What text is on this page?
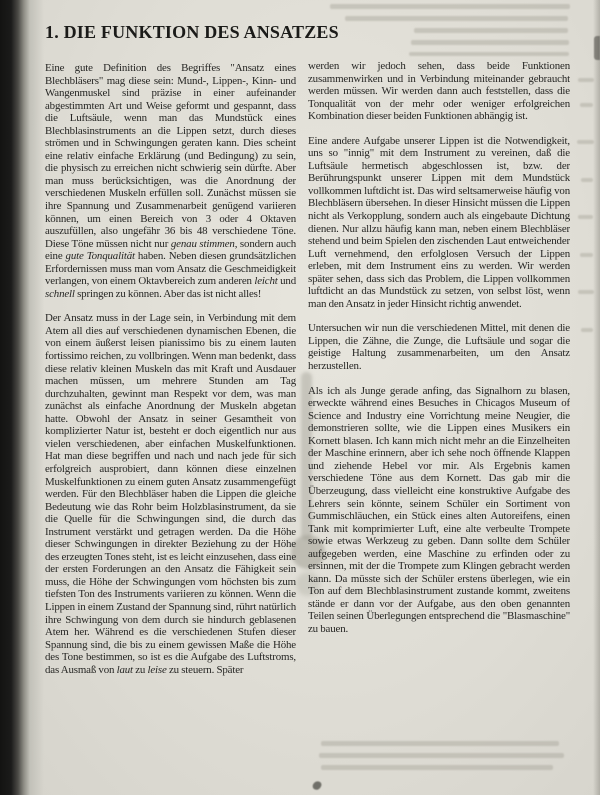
1. DIE FUNKTION DES ANSATZES

Eine gute Definition des Begriffes "Ansatz eines Blechbläsers" mag diese sein: Mund-, Lippen-, Kinn- und Wangenmuskel sind präzise in einer aufeinander abgestimmten Art und Weise geformt und gespannt, dass die Luftsäule, wenn man das Mundstück eines Blechblasinstruments an die Lippen setzt, durch dieses strömen und in Schwingungen geraten kann. Dies scheint eine relativ einfache Erklärung (und Bedingung) zu sein, die physisch zu erreichen nicht schwierig sein dürfte. Aber man muss berücksichtigen, was die Anordnung der verschiedenen Muskeln erfüllen soll. Zunächst müssen sie ihre Spannung und Zusammenarbeit genügend variieren können, um einen Bereich von 3 oder 4 Oktaven auszufüllen, also ungefähr 36 bis 48 verschiedene Töne. Diese Töne müssen nicht nur genau stimmen, sondern auch eine gute Tonqualität haben. Neben diesen grundsätzlichen Erfordernissen muss man vom Ansatz die Geschmeidigkeit verlangen, von einem Oktavbereich zum anderen leicht und schnell springen zu können. Aber das ist nicht alles!

Der Ansatz muss in der Lage sein, in Verbindung mit dem Atem all dies auf verschiedenen dynamischen Ebenen, die von einem äußerst leisen pianissimo bis zu einem lauten fortissimo reichen, zu vollbringen. Wenn man bedenkt, dass diese relativ kleinen Muskeln das mit Kraft und Ausdauer machen müssen, um mehrere Stunden am Tag durchzuhalten, gewinnt man Respekt vor dem, was man zunächst als einfache Anordnung der Muskeln abgetan hatte. Obwohl der Ansatz in seiner Gesamtheit von komplizierter Natur ist, besteht er doch eigentlich nur aus vielen verschiedenen, aber einfachen Muskelfunktionen. Hat man diese begriffen und nach und nach jede für sich erfolgreich ausprobiert, dann können diese einzelnen Muskelfunktionen zu einem guten Ansatz zusammengefügt werden. Für den Blechbläser haben die Lippen die gleiche Bedeutung wie das Rohr beim Holzblasinstrument, da sie die Quelle für die Schwingungen sind, die durch das Instrument verstärkt und getragen werden. Da die Höhe dieser Schwingungen in direkter Beziehung zu der Höhe des erzeugten Tones steht, ist es leicht einzusehen, dass eine der ersten Forderungen an den Ansatz die Fähigkeit sein muss, die Höhe der Schwingungen vom höchsten bis zum tiefsten Ton des Instruments variieren zu können. Wenn die Lippen in einem Zustand der Spannung sind, rührt natürlich ihre Schwingung von dem durch sie hindurch geblasenen Atem her. Während es die verschiedenen Stufen dieser Spannung sind, die bis zu einem gewissen Maße die Höhe des Tone bestimmen, so ist es die Aufgabe des Luftstroms, das Ausmaß von laut zu leise zu steuern. Später

werden wir jedoch sehen, dass beide Funktionen zusammenwirken und in Verbindung miteinander gebraucht werden müssen. Wir werden dann auch feststellen, dass die Tonqualität von der mehr oder weniger erfolgreichen Kombination dieser beiden Funktionen abhängig ist.

Eine andere Aufgabe unserer Lippen ist die Notwendigkeit, uns so "innig" mit dem Instrument zu vereinen, daß die Luftsäule hermetisch abgeschlossen ist, bzw. der Berührungspunkt unserer Lippen mit dem Mundstück vollkommen luftdicht ist. Das wird seltsamerweise häufig von Blechbläsern übersehen. In dieser Hinsicht müssen die Lippen nicht als Verkopplung, sondern auch als eingebaute Dichtung dienen. Nur allzu häufig kann man, neben einem Blechbläser stehend und beim Spielen den zischenden Laut entweichender Luft vernehmend, den erfolglosen Versuch der Lippen erleben, mit dem Instrument eins zu werden. Wir werden später sehen, dass sich das Problem, die Lippen vollkommen luftdicht an das Mundstück zu setzen, von selbst löst, wenn man den Ansatz in jeder Hinsicht richtig anwendet.

Untersuchen wir nun die verschiedenen Mittel, mit denen die Lippen, die Zähne, die Zunge, die Luftsäule und sogar die geistige Haltung zusammenarbeiten, um den Ansatz herzustellen.

Als ich als Junge gerade anfing, das Signalhorn zu blasen, erweckte während eines Besuches in Chicagos Museum of Science and Industry eine Vorrichtung meine Neugier, die demonstrieren sollte, wie die Lippen eines Musikers ein Kornett blasen. Ich kann mich nicht mehr an die Einzelheiten der Maschine erinnern, aber ich sehe noch öffnende Klappen und ziehende Hebel vor mir. Als Ergebnis kamen verschiedene Töne aus dem Kornett. Das gab mir die Überzeugung, dass vielleicht eine konstruktive Aufgabe des Lehrers sein könnte, seinem Schüler ein Sortiment von Gummischläuchen, ein Stück eines alten Autoreifens, einen Tank mit komprimierter Luft, eine alte verbeulte Trompete sowie etwas Werkzeug zu geben. Dann sollte dem Schüler aufgegeben werden, eine Maschine zu erfinden oder zu ersinnen, mit der die Trompete zum Klingen gebracht werden kann. Da müsste sich der Schüler erstens überlegen, wie ein Ton auf dem Blechblasinstrument zustande kommt, zweitens stände er dann vor der Aufgabe, aus den oben genannten Teilen seinen Überlegungen entsprechend die "Blasmaschine" zu bauen.
